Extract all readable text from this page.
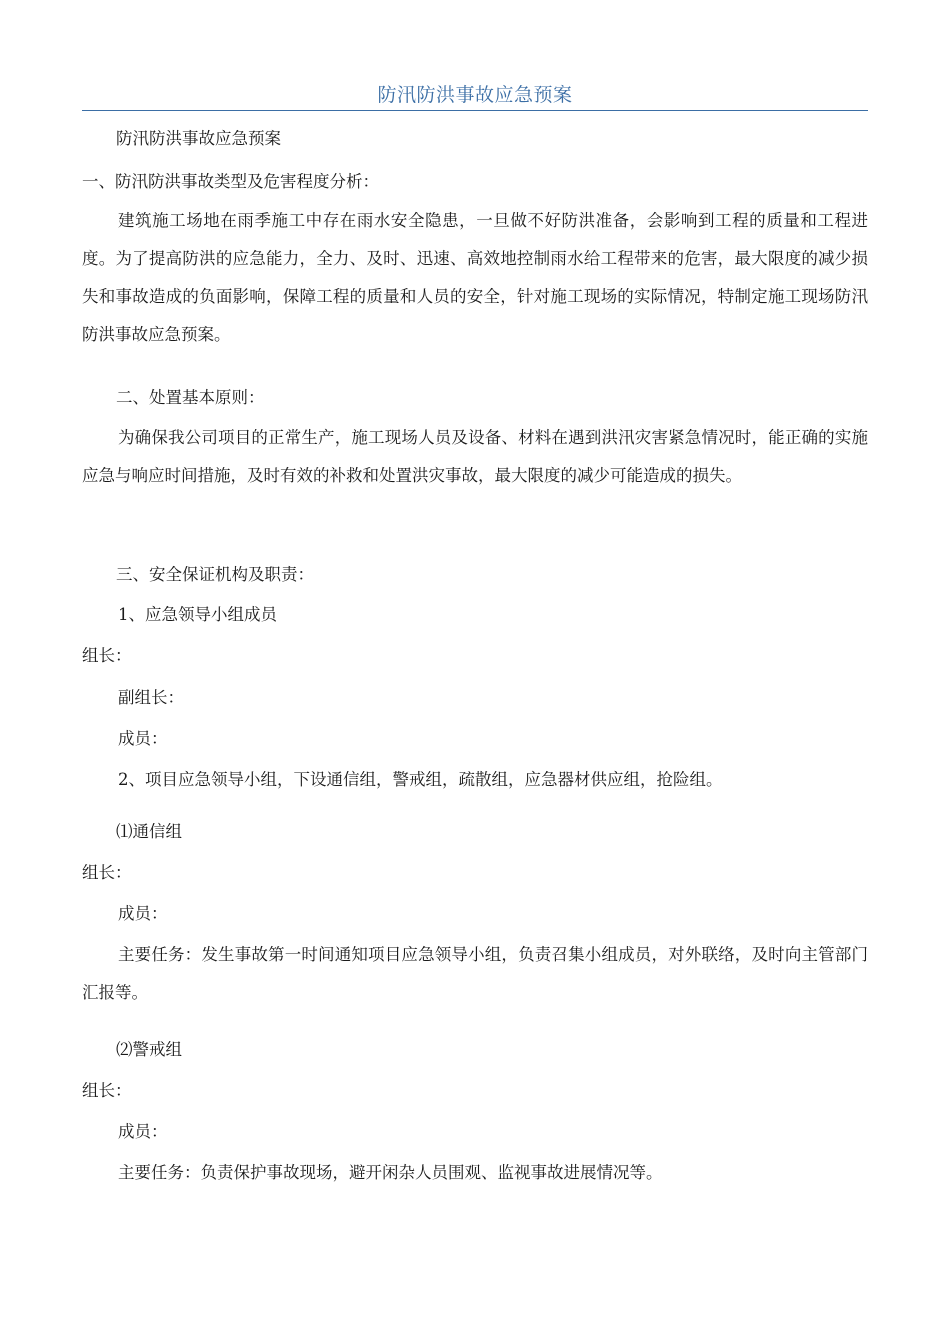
防汛防洪事故应急预案
防汛防洪事故应急预案
一、防汛防洪事故类型及危害程度分析：
建筑施工场地在雨季施工中存在雨水安全隐患，一旦做不好防洪准备，会影响到工程的质量和工程进度。为了提高防洪的应急能力，全力、及时、迅速、高效地控制雨水给工程带来的危害，最大限度的减少损失和事故造成的负面影响，保障工程的质量和人员的安全，针对施工现场的实际情况，特制定施工现场防汛防洪事故应急预案。
二、处置基本原则：
为确保我公司项目的正常生产，施工现场人员及设备、材料在遇到洪汛灾害紧急情况时，能正确的实施应急与响应时间措施，及时有效的补救和处置洪灾事故，最大限度的减少可能造成的损失。
三、安全保证机构及职责：
1、应急领导小组成员
组长：
副组长：
成员：
2、项目应急领导小组，下设通信组，警戒组，疏散组，应急器材供应组，抢险组。
⑴通信组
组长：
成员：
主要任务：发生事故第一时间通知项目应急领导小组，负责召集小组成员，对外联络，及时向主管部门汇报等。
⑵警戒组
组长：
成员：
主要任务：负责保护事故现场，避开闲杂人员围观、监视事故进展情况等。
